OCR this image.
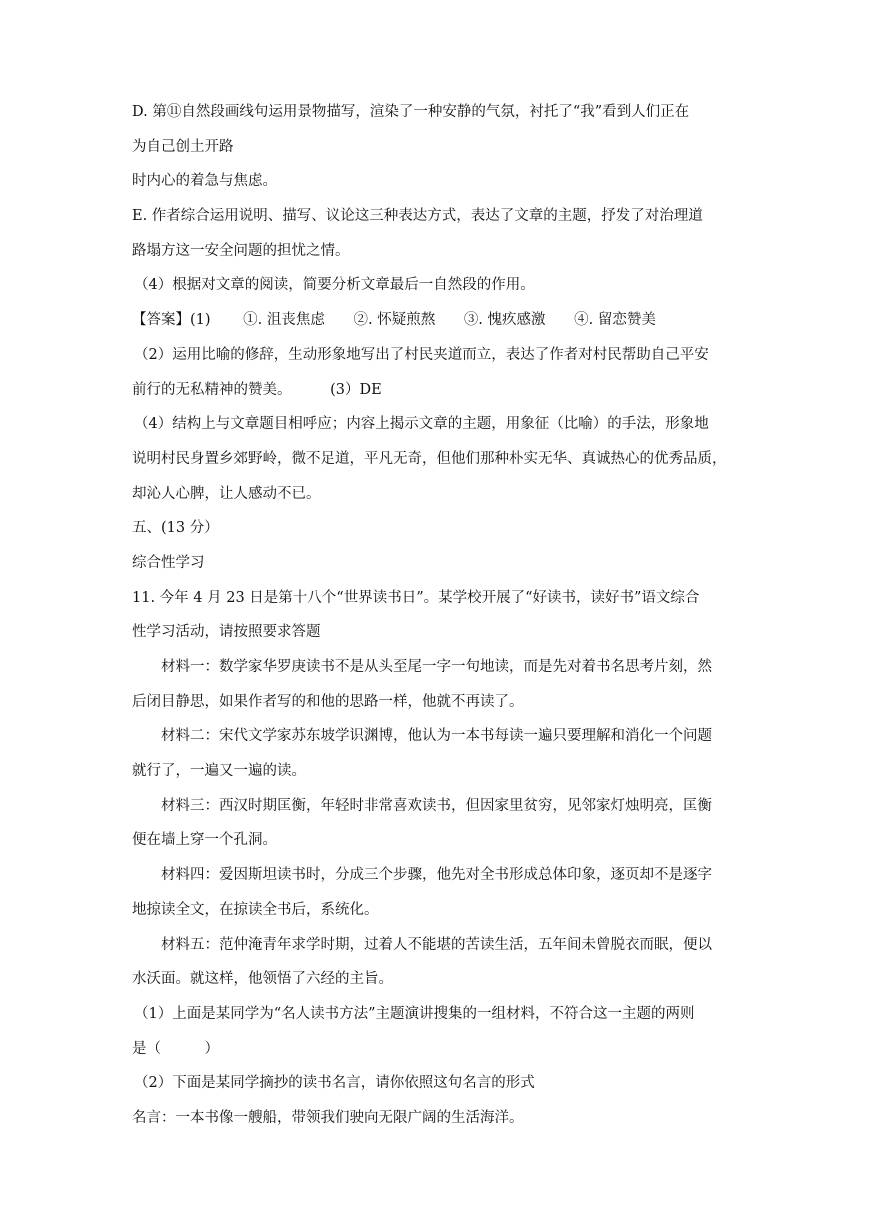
D. 第⑪自然段画线句运用景物描写，渲染了一种安静的气氛，衬托了“我”看到人们正在

为自己创土开路

时内心的着急与焦虑。

E. 作者综合运用说明、描写、议论这三种表达方式，表达了文章的主题，抒发了对治理道

路塌方这一安全问题的担忧之情。

（4）根据对文章的阅读，简要分析文章最后一自然段的作用。

【答案】(1) ①. 沮丧焦虑 ②. 怀疑煎熬 ③. 愧疚感激 ④. 留恋赞美

（2）运用比喻的修辞，生动形象地写出了村民夹道而立，表达了作者对村民帮助自己平安

前行的无私精神的赞美。	(3）DE

（4）结构上与文章题目相呼应；内容上揭示文章的主题，用象征（比喻）的手法，形象地

说明村民身置乡郊野岭，微不足道，平凡无奇，但他们那种朴实无华、真诚热心的优秀品质，

却沁人心脾，让人感动不已。

五、(13 分）

综合性学习

11. 今年 4 月 23 日是第十八个“世界读书日”。某学校开展了“好读书，读好书”语文综合

性学习活动，请按照要求答题

材料一：数学家华罗庚读书不是从头至尾一字一句地读，而是先对着书名思考片刻，然

后闭目静思，如果作者写的和他的思路一样，他就不再读了。

材料二：宋代文学家苏东坡学识渊博，他认为一本书每读一遍只要理解和消化一个问题

就行了，一遍又一遍的读。

材料三：西汉时期匡衡，年轻时非常喜欢读书，但因家里贫穷，见邻家灯烛明亮，匡衡

便在墙上穿一个孔洞。

材料四：爱因斯坦读书时，分成三个步骤，他先对全书形成总体印象，逐页却不是逐字

地掠读全文，在掠读全书后，系统化。

材料五：范仲淹青年求学时期，过着人不能堪的苦读生活，五年间未曾脱衣而眠，便以

水沃面。就这样，他领悟了六经的主旨。

（1）上面是某同学为“名人读书方法”主题演讲搜集的一组材料，不符合这一主题的两则

是（　　　）

（2）下面是某同学摘抄的读书名言，请你依照这句名言的形式

名言：一本书像一艘船，带领我们驶向无限广阔的生活海洋。
